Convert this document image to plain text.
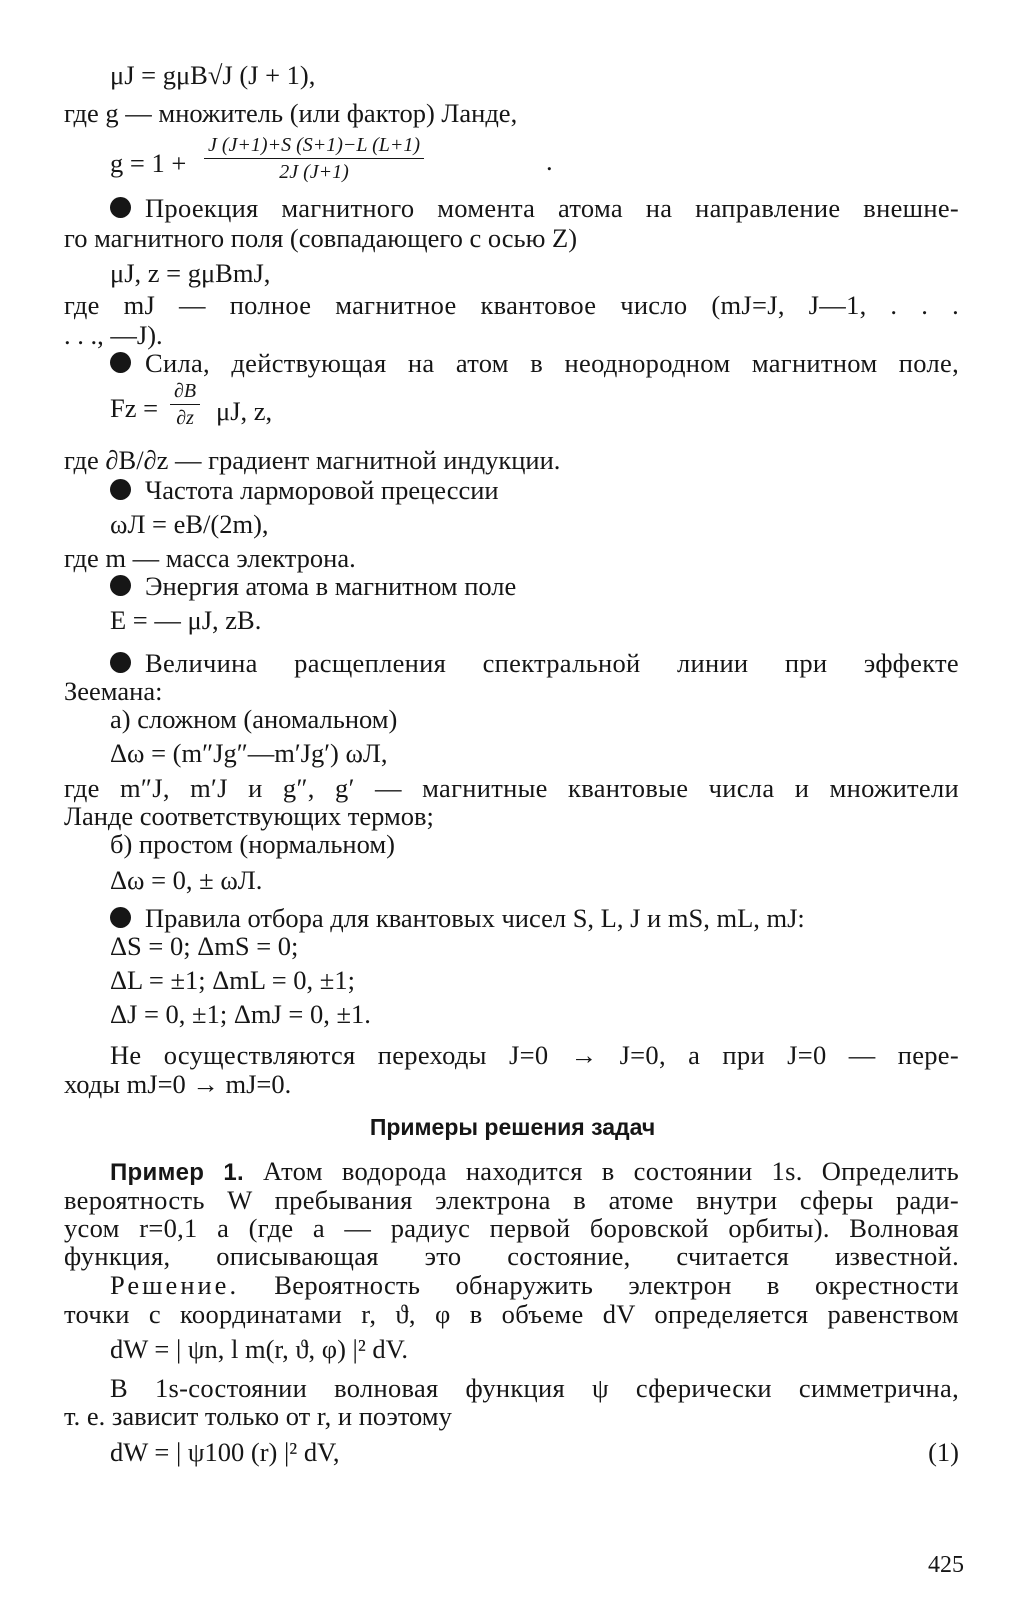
μJ = gμB√J (J + 1),
где g — множитель (или фактор) Ланде,
$g = 1 + \frac{J (J+1)+S (S+1)-L (L+1)}{2J (J+1)}$	.
Проекция магнитного момента атома на направление внешне-
го магнитного поля (совпадающего с осью Z)
μJ, z = gμBmJ,
где mJ — полное магнитное квантовое число (mJ=J, J—1, . . .
. . ., —J).
Сила, действующая на атом в неоднородном магнитном поле,
$Fz = \frac{\partial B}{\partial z} \mu J$, z,
где ∂B/∂z — градиент магнитной индукции.
Частота ларморовой прецессии
ωЛ = eB/(2m),
где m — масса электрона.
Энергия атома в магнитном поле
E = — μJ, zB.
Величина расщепления спектральной линии при эффекте
Зеемана:
а) сложном (аномальном)
Δω = (m″Jg″—m′Jg′) ωЛ,
где m″J, m′J и g″, g′ — магнитные квантовые числа и множители
Ланде соответствующих термов;
б) простом (нормальном)
Δω = 0, ± ωЛ.
Правила отбора для квантовых чисел S, L, J и mS, mL, mJ:
ΔS = 0; ΔmS = 0;
ΔL = ±1; ΔmL = 0, ±1;
ΔJ = 0, ±1; ΔmJ = 0, ±1.
Не осуществляются переходы J=0 → J=0, а при J=0 — пере-
ходы mJ=0 → mJ=0.
Примеры решения задач
Пример 1. Атом водорода находится в состоянии 1s. Определить
вероятность W пребывания электрона в атоме внутри сферы ради-
усом r=0,1 a (где a — радиус первой боровской орбиты). Волновая
функция, описывающая это состояние, считается известной.
Решение. Вероятность обнаружить электрон в окрестности
точки с координатами r, ϑ, φ в объеме dV определяется равенством
dW = | ψn, l m(r, ϑ, φ) |² dV.
В 1s-состоянии волновая функция ψ сферически симметрична,
т. е. зависит только от r, и поэтому
dW = | ψ100 (r) |² dV,	(1)
425
